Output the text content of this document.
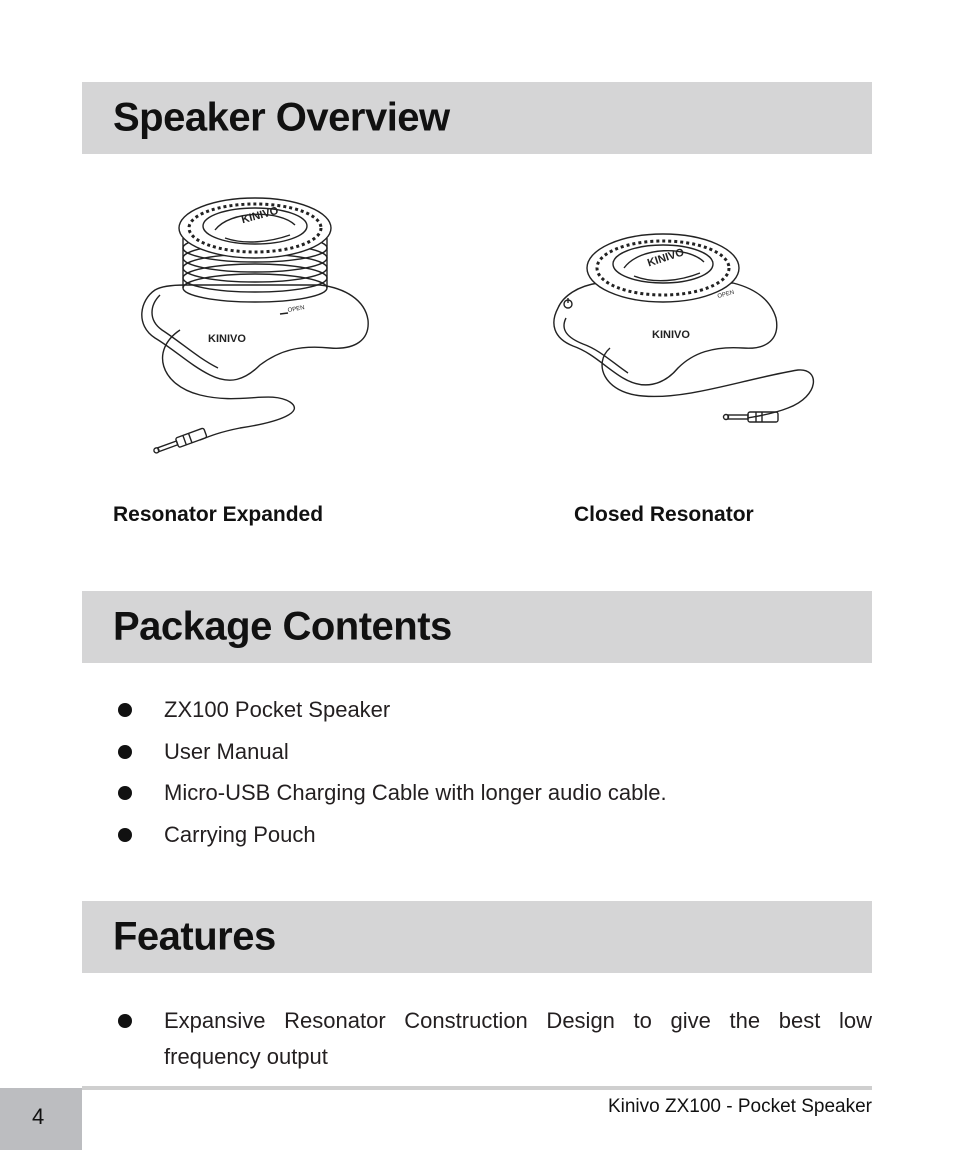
Speaker Overview
KINIVO
KINIVO
OPEN
KINIVO
KINIVO
OPEN
Resonator Expanded	Closed Resonator
Package Contents
ZX100 Pocket Speaker
User Manual
Micro-USB Charging Cable with longer audio cable.
Carrying Pouch
Features
Expansive Resonator Construction Design to give the best low frequency output
4	Kinivo ZX100 - Pocket Speaker
